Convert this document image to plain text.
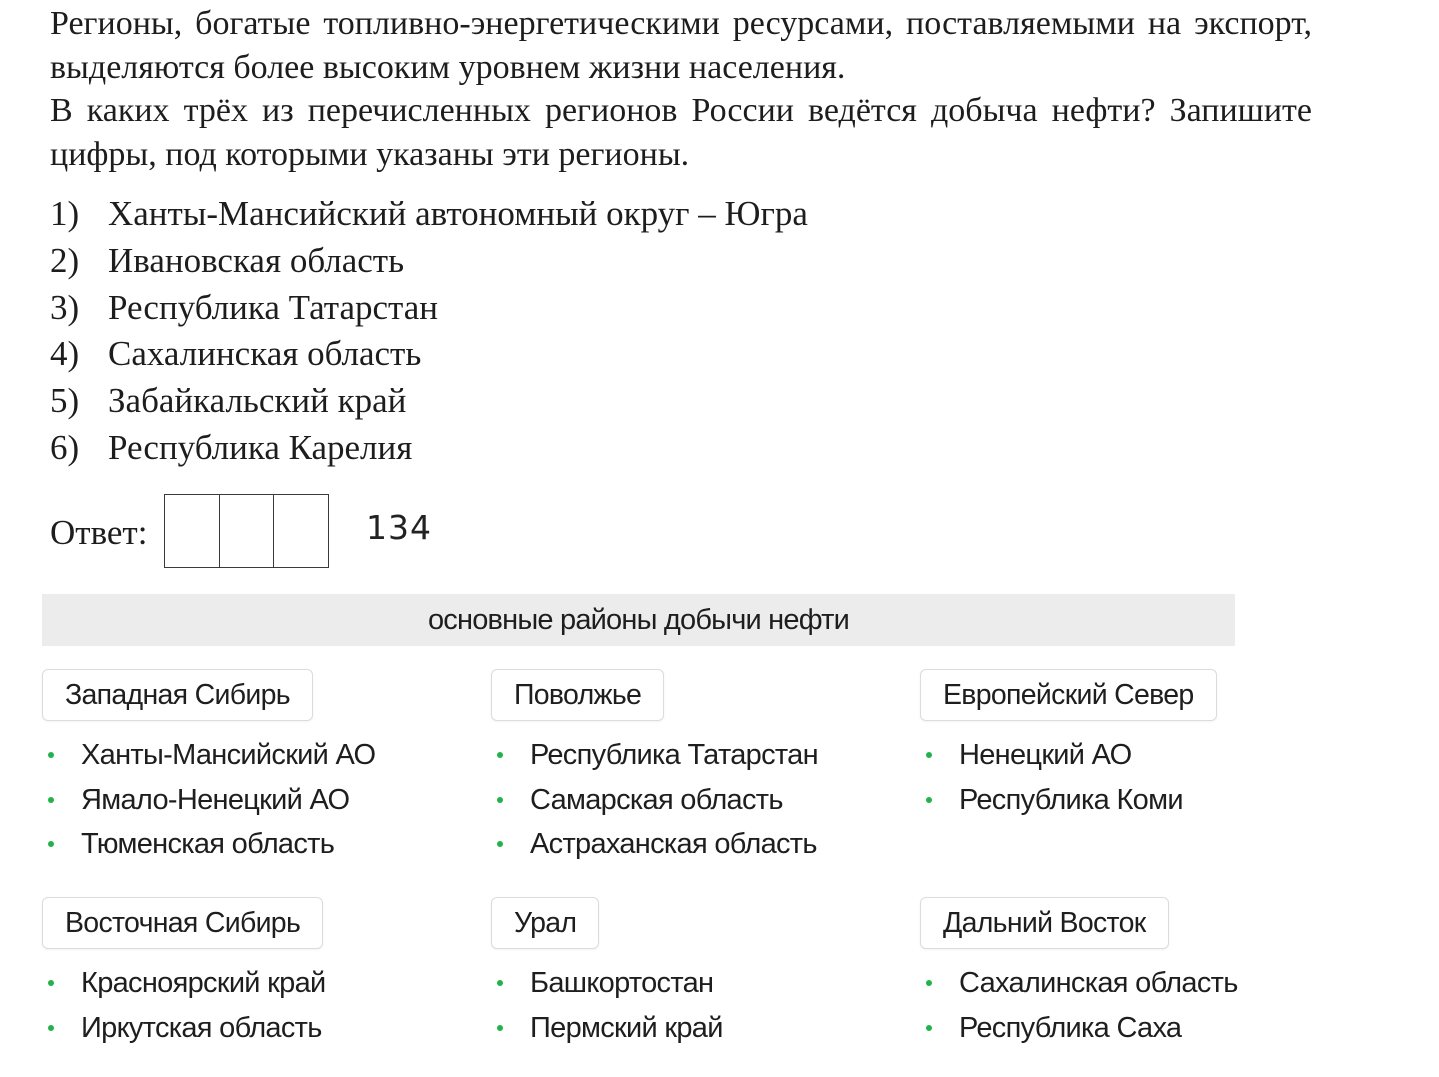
Регионы, богатые топливно-энергетическими ресурсами, поставляемыми на экспорт, выделяются более высоким уровнем жизни населения.

В каких трёх из перечисленных регионов России ведётся добыча нефти? Запишите цифры, под которыми указаны эти регионы.

1) Ханты-Мансийский автономный округ – Югра
2) Ивановская область
3) Республика Татарстан
4) Сахалинская область
5) Забайкальский край
6) Республика Карелия
Ответ:	134
основные районы добычи нефти
Западная Сибирь
Ханты-Мансийский АО
Ямало-Ненецкий АО
Тюменская область
Поволжье
Республика Татарстан
Самарская область
Астраханская область
Европейский Север
Ненецкий АО
Республика Коми
Восточная Сибирь
Красноярский край
Иркутская область
Урал
Башкортостан
Пермский край
Дальний Восток
Сахалинская область
Республика Саха
